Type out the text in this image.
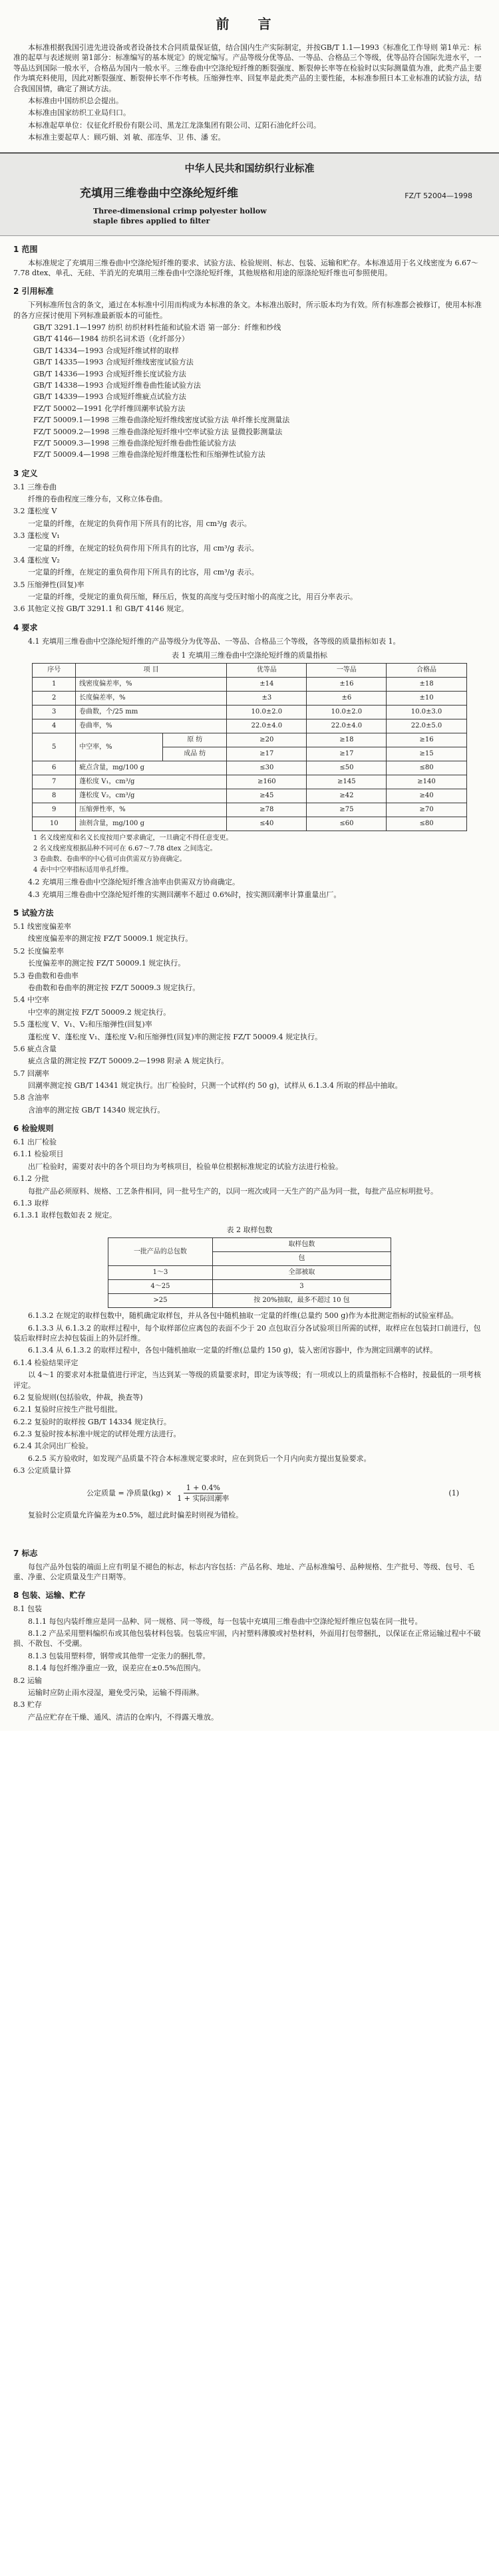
前 言

本标准根据我国引进先进设备或者设备技术合同质量保证值，结合国内生产实际制定，并按GB/T 1.1—1993《标准化工作导则 第1单元：标准的起草与表述规则 第1部分：标准编写的基本规定》的规定编写。产品等级分优等品、一等品、合格品三个等级，优等品符合国际先进水平，一等品达到国际一般水平，合格品为国内一般水平。三维卷曲中空涤纶短纤维的断裂强度、断裂伸长率等在检验时以实际测量值为准，此类产品主要作为填充料使用，因此对断裂强度、断裂伸长率不作考核。压缩弹性率、回复率是此类产品的主要性能，本标准参照日本工业标准的试验方法，结合我国国情，确定了测试方法。

本标准由中国纺织总会提出。

本标准由国家纺织工业局归口。

本标准起草单位：仪征化纤股份有限公司、黑龙江龙涤集团有限公司、辽阳石油化纤公司。

本标准主要起草人：顾巧娟、刘 敏、邵连华、卫 伟、潘 宏。

中华人民共和国纺织行业标准
充填用三维卷曲中空涤纶短纤维	FZ/T 52004—1998
Three-dimensional crimp polyester hollow
staple fibres applied to filter
1 范围

本标准规定了充填用三维卷曲中空涤纶短纤维的要求、试验方法、检验规则、标志、包装、运输和贮存。本标准适用于名义线密度为 6.67～7.78 dtex、单孔、无硅、半消光的充填用三维卷曲中空涤纶短纤维，其他规格和用途的原涤纶短纤维也可参照使用。

2 引用标准

下列标准所包含的条文，通过在本标准中引用而构成为本标准的条文。本标准出版时，所示版本均为有效。所有标准都会被修订，使用本标准的各方应探讨使用下列标准最新版本的可能性。

GB/T 3291.1—1997 纺织 纺织材料性能和试验术语 第一部分：纤维和纱线
GB/T 4146—1984 纺织名词术语（化纤部分）
GB/T 14334—1993 合成短纤维试样的取样
GB/T 14335—1993 合成短纤维线密度试验方法
GB/T 14336—1993 合成短纤维长度试验方法
GB/T 14338—1993 合成短纤维卷曲性能试验方法
GB/T 14339—1993 合成短纤维疵点试验方法
FZ/T 50002—1991 化学纤维回潮率试验方法
FZ/T 50009.1—1998 三维卷曲涤纶短纤维线密度试验方法 单纤维长度测量法
FZ/T 50009.2—1998 三维卷曲涤纶短纤维中空率试验方法 显微投影测量法
FZ/T 50009.3—1998 三维卷曲涤纶短纤维卷曲性能试验方法
FZ/T 50009.4—1998 三维卷曲涤纶短纤维蓬松性和压缩弹性试验方法
3 定义
3.1 三维卷曲

纤维的卷曲程度三维分布，又称立体卷曲。

3.2 蓬松度 V

一定量的纤维，在规定的负荷作用下所具有的比容，用 cm³/g 表示。

3.3 蓬松度 V₁

一定量的纤维，在规定的轻负荷作用下所具有的比容，用 cm³/g 表示。

3.4 蓬松度 V₂

一定量的纤维，在规定的重负荷作用下所具有的比容，用 cm³/g 表示。

3.5 压缩弹性(回复)率

一定量的纤维，受规定的重负荷压缩，释压后，恢复的高度与受压时缩小的高度之比，用百分率表示。

3.6 其他定义按 GB/T 3291.1 和 GB/T 4146 规定。
4 要求

4.1 充填用三维卷曲中空涤纶短纤维的产品等级分为优等品、一等品、合格品三个等级，各等级的质量指标如表 1。

表 1 充填用三维卷曲中空涤纶短纤维的质量指标
序号	项 目		优等品	一等品	合格品
1	线密度偏差率，%		±14	±16	±18
2	长度偏差率，%		±3	±6	±10
3	卷曲数，个/25 mm		10.0±2.0	10.0±2.0	10.0±3.0
4	卷曲率，%		22.0±4.0	22.0±4.0	22.0±5.0
5	中空率，%	原 纺	≥20	≥18	≥16
		成品 纺	≥17	≥17	≥15
6	疵点含量，mg/100 g		≤30	≤50	≤80
7	蓬松度 V₁，cm³/g		≥160	≥145	≥140
8	蓬松度 V₂，cm³/g		≥45	≥42	≥40
9	压缩弹性率，%		≥78	≥75	≥70
10	油剂含量，mg/100 g		≤40	≤60	≤80
1 名义线密度和名义长度按用户要求确定，一旦确定不得任意变更。
2 名义线密度根据品种不同可在 6.67～7.78 dtex 之间选定。
3 卷曲数、卷曲率的中心值可由供需双方协商确定。
4 表中中空率指标适用单孔纤维。

4.2 充填用三维卷曲中空涤纶短纤维含油率由供需双方协商确定。

4.3 充填用三维卷曲中空涤纶短纤维的实测回潮率不超过 0.6%时，按实测回潮率计算重量出厂。

5 试验方法
5.1 线密度偏差率

线密度偏差率的测定按 FZ/T 50009.1 规定执行。

5.2 长度偏差率

长度偏差率的测定按 FZ/T 50009.1 规定执行。

5.3 卷曲数和卷曲率

卷曲数和卷曲率的测定按 FZ/T 50009.3 规定执行。

5.4 中空率

中空率的测定按 FZ/T 50009.2 规定执行。

5.5 蓬松度 V、V₁、V₂和压缩弹性(回复)率

蓬松度 V、蓬松度 V₁、蓬松度 V₂和压缩弹性(回复)率的测定按 FZ/T 50009.4 规定执行。

5.6 疵点含量

疵点含量的测定按 FZ/T 50009.2—1998 附录 A 规定执行。

5.7 回潮率

回潮率测定按 GB/T 14341 规定执行。出厂检验时，只测一个试样(约 50 g)，试样从 6.1.3.4 所取的样品中抽取。

5.8 含油率

含油率的测定按 GB/T 14340 规定执行。

6 检验规则
6.1 出厂检验
6.1.1 检验项目

出厂检验时，需要对表中的各个项目均为考核项目，检验单位根据标准规定的试验方法进行检验。

6.1.2 分批

每批产品必须原料、规格、工艺条件相同，同一批号生产的，以同一班次或同一天生产的产品为同一批，每批产品应标明批号。

6.1.3 取样
6.1.3.1 取样包数如表 2 规定。
表 2 取样包数
一批产品的总包数	取样包数
	包
1～3	全部被取
4～25	3
>25	按 20%抽取，最多不超过 10 包

6.1.3.2 在规定的取样包数中，随机确定取样包，并从各包中随机抽取一定量的纤维(总量约 500 g)作为本批测定指标的试验室样品。

6.1.3.3 从 6.1.3.2 的取样过程中，每个取样部位应离包的表面不少于 20 点包取百分各试验项目所需的试样，取样应在包装封口前进行，包装后取样时应去掉包装面上的外层纤维。

6.1.3.4 从 6.1.3.2 的取样过程中，各包中随机抽取一定量的纤维(总量约 150 g)，装入密闭容器中，作为测定回潮率的试样。

6.1.4 检验结果评定

以 4～1 的要求对本批量值进行评定，当达到某一等级的质量要求时，即定为该等级；有一项或以上的质量指标不合格时，按最低的一项考核评定。

6.2 复验规则(包括验收，仲裁，换查等)
6.2.1 复验时应按生产批号组批。
6.2.2 复验时的取样按 GB/T 14334 规定执行。
6.2.3 复验时按本标准中规定的试样处理方法进行。
6.2.4 其余同出厂检验。

6.2.5 买方验收时，如发现产品质量不符合本标准规定要求时，应在到货后一个月内向卖方提出复验要求。

6.3 公定质量计算
公定质量 = 净质量$(kg) \times \frac{1 + 0.4\%}{\text{1 + 实际回潮率}}$	(1)

复验时公定质量允许偏差为±0.5%，超过此时偏差时则视为错检。

7 标志

每包产品外包装的端面上应有明显不褪色的标志，标志内容包括：产品名称、地址、产品标准编号、品种规格、生产批号、等级、包号、毛重、净重、公定质量及生产日期等。

8 包装、运输、贮存
8.1 包装

8.1.1 每包内装纤维应是同一品种、同一规格、同一等级，每一包装中充填用三维卷曲中空涤纶短纤维应包装在同一批号。

8.1.2 产品采用塑料编织布或其他包装材料包装。包装应牢固，内衬塑料薄膜或衬垫材料，外面用打包带捆扎，以保证在正常运输过程中不破损、不散包、不受潮。

8.1.3 包装用塑料带，钢带或其他带一定张力的捆扎带。

8.1.4 每包纤维净重应一致，误差应在±0.5%范围内。

8.2 运输

运输时应防止雨水浸湿，避免受污染，运输不得雨淋。

8.3 贮存

产品应贮存在干燥、通风、清洁的仓库内，不得露天堆放。
